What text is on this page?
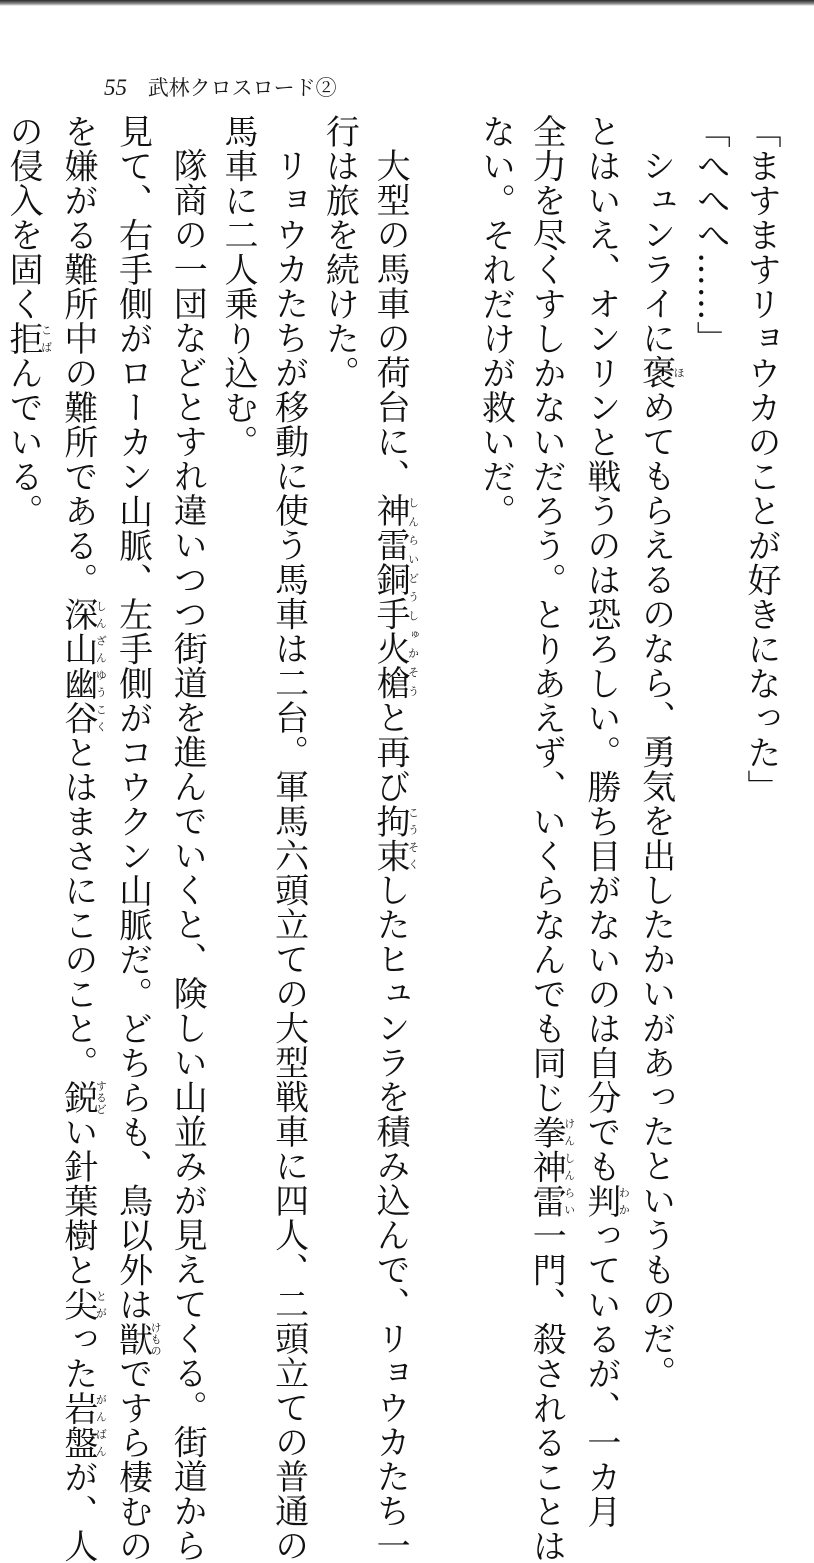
55 武林クロスロード②
「ますますリョウカのことが好きになった」
「へへへ……」
シュンライに褒ほめてもらえるのなら、勇気を出したかいがあったというものだ。
とはいえ、オンリンと戦うのは恐ろしい。勝ち目がないのは自分でも判わかっているが、一カ月
全力を尽くすしかないだろう。とりあえず、いくらなんでも同じ拳神雷けんしんらい一門、殺されることは
ない。それだけが救いだ。
大型の馬車の荷台に、神雷銅手火槍しんらいどうしゅかそうと再び拘束こうそくしたヒュンラを積み込んで、リョウカたち一
行は旅を続けた。
リョウカたちが移動に使う馬車は二台。軍馬六頭立ての大型戦車に四人、二頭立ての普通の
馬車に二人乗り込む。
隊商の一団などとすれ違いつつ街道を進んでいくと、険しい山並みが見えてくる。街道から
見て、右手側がローカン山脈、左手側がコウクン山脈だ。どちらも、鳥以外は獣けものですら棲むの
を嫌がる難所中の難所である。深山幽谷しんざんゆうこくとはまさにこのこと。鋭するどい針葉樹と尖とがった岩盤がんばんが、人
の侵入を固く拒こばんでいる。
